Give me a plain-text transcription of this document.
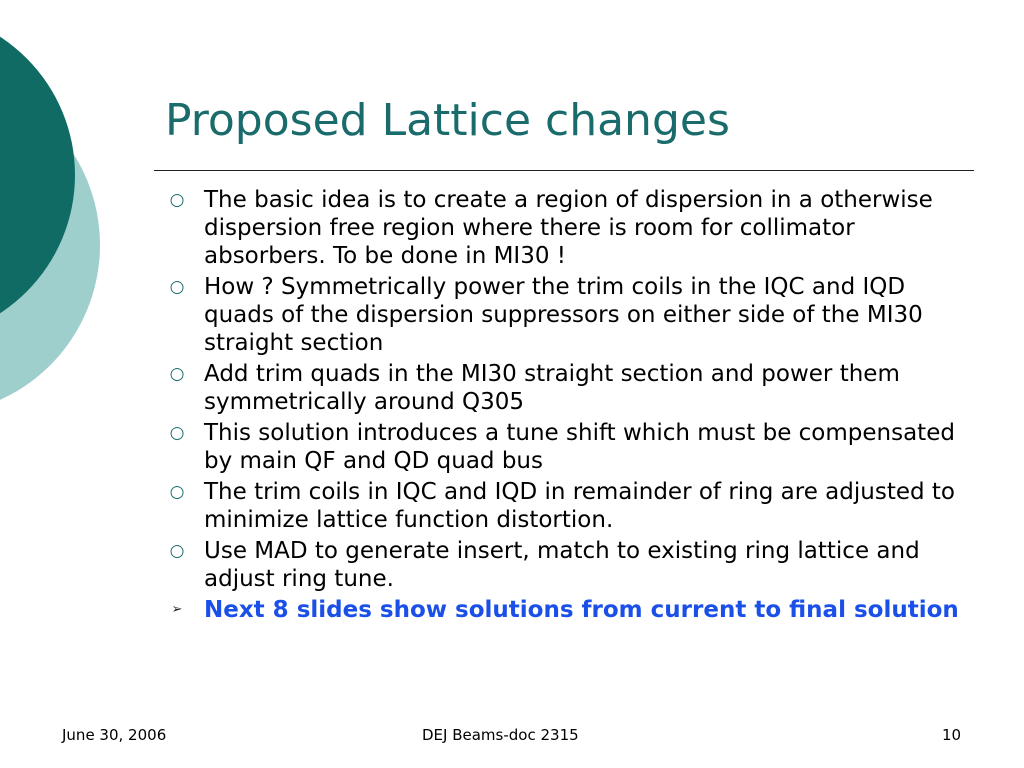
Proposed Lattice changes
○ The basic idea is to create a region of dispersion in a otherwise dispersion free region where there is room for collimator absorbers. To be done in MI30 !
○ How ? Symmetrically power the trim coils in the IQC and IQD quads of the dispersion suppressors on either side of the MI30 straight section
○ Add trim quads in the MI30 straight section and power them symmetrically around Q305
○ This solution introduces a tune shift which must be compensated by main QF and QD quad bus
○ The trim coils in IQC and IQD in remainder of ring are adjusted to minimize lattice function distortion.
○ Use MAD to generate insert, match to existing ring lattice and adjust ring tune.
➢ Next 8 slides show solutions from current to final solution
June 30, 2006	DEJ Beams-doc 2315	10
